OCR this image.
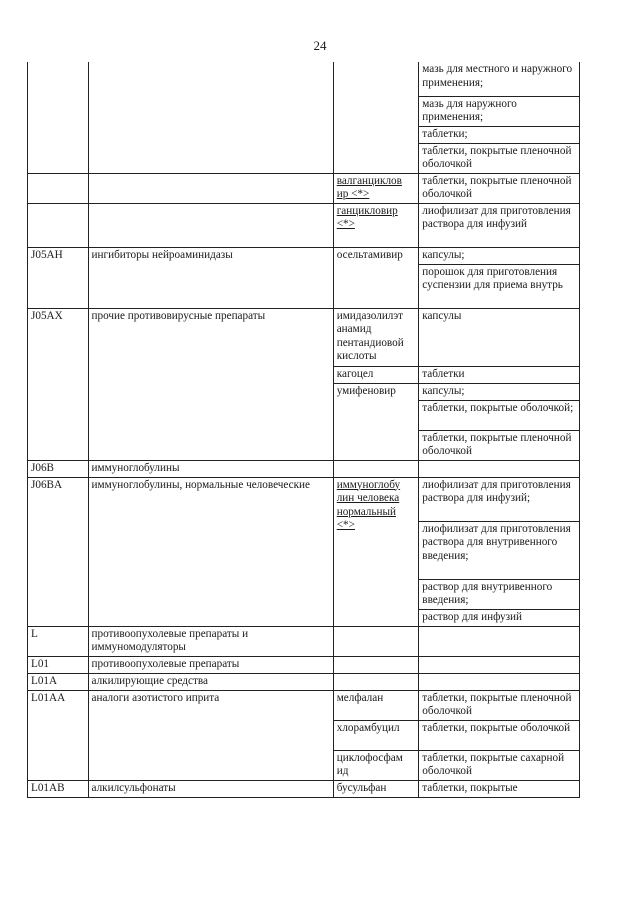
24
			мазь для местного и наружного применения;
			мазь для наружного применения;
			таблетки;
			таблетки, покрытые пленочной оболочкой
		валганциклов ир <*>	таблетки, покрытые пленочной оболочкой
		ганцикловир <*>	лиофилизат для приготовления раствора для инфузий
J05AH	ингибиторы нейроаминидазы	осельтамивир	капсулы;
			порошок для приготовления суспензии для приема внутрь
J05AX	прочие противовирусные препараты	имидазолилэт анамид пентандиовой кислоты	капсулы
		кагоцел	таблетки
		умифеновир	капсулы;
			таблетки, покрытые оболочкой;
			таблетки, покрытые пленочной оболочкой
J06B	иммуноглобулины		
J06BA	иммуноглобулины, нормальные человеческие	иммуноглобу лин человека нормальный <*>	лиофилизат для приготовления раствора для инфузий;
			лиофилизат для приготовления раствора для внутривенного введения;
			раствор для внутривенного введения;
			раствор для инфузий
L	противоопухолевые препараты и иммуномодуляторы		
L01	противоопухолевые препараты		
L01A	алкилирующие средства		
L01AA	аналоги азотистого иприта	мелфалан	таблетки, покрытые пленочной оболочкой
		хлорамбуцил	таблетки, покрытые оболочкой
		циклофосфам ид	таблетки, покрытые сахарной оболочкой
L01AB	алкилсульфонаты	бусульфан	таблетки, покрытые
